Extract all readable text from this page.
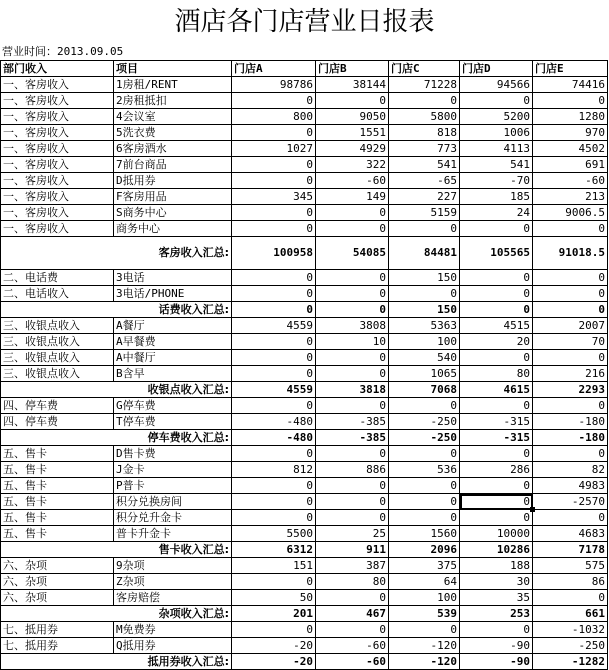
酒店各门店营业日报表
营业时间：2013.09.05
部门收入	项目	门店A	门店B	门店C	门店D	门店E
一、客房收入	1房租/RENT	98786	38144	71228	94566	74416
一、客房收入	2房租抵扣	0	0	0	0	0
一、客房收入	4会议室	800	9050	5800	5200	1280
一、客房收入	5洗衣费	0	1551	818	1006	970
一、客房收入	6客房酒水	1027	4929	773	4113	4502
一、客房收入	7前台商品	0	322	541	541	691
一、客房收入	D抵用券	0	-60	-65	-70	-60
一、客房收入	F客房用品	345	149	227	185	213
一、客房收入	S商务中心	0	0	5159	24	9006.5
一、客房收入	商务中心	0	0	0	0	0
客房收入汇总:		100958	54085	84481	105565	91018.5
二、电话费	3电话	0	0	150	0	0
二、电话收入	3电话/PHONE	0	0	0	0	0
话费收入汇总:		0	0	150	0	0
三、收银点收入	A餐厅	4559	3808	5363	4515	2007
三、收银点收入	A早餐费	0	10	100	20	70
三、收银点收入	A中餐厅	0	0	540	0	0
三、收银点收入	B含早	0	0	1065	80	216
收银点收入汇总:		4559	3818	7068	4615	2293
四、停车费	G停车费	0	0	0	0	0
四、停车费	T停车费	-480	-385	-250	-315	-180
停车费收入汇总:		-480	-385	-250	-315	-180
五、售卡	D售卡费	0	0	0	0	0
五、售卡	J金卡	812	886	536	286	82
五、售卡	P普卡	0	0	0	0	4983
五、售卡	积分兑换房间	0	0	0	0	-2570
五、售卡	积分兑升金卡	0	0	0	0	0
五、售卡	普卡升金卡	5500	25	1560	10000	4683
售卡收入汇总:		6312	911	2096	10286	7178
六、杂项	9杂项	151	387	375	188	575
六、杂项	Z杂项	0	80	64	30	86
六、杂项	客房赔偿	50	0	100	35	0
杂项收入汇总:		201	467	539	253	661
七、抵用券	M免费券	0	0	0	0	-1032
七、抵用券	Q抵用券	-20	-60	-120	-90	-250
抵用券收入汇总:		-20	-60	-120	-90	-1282
